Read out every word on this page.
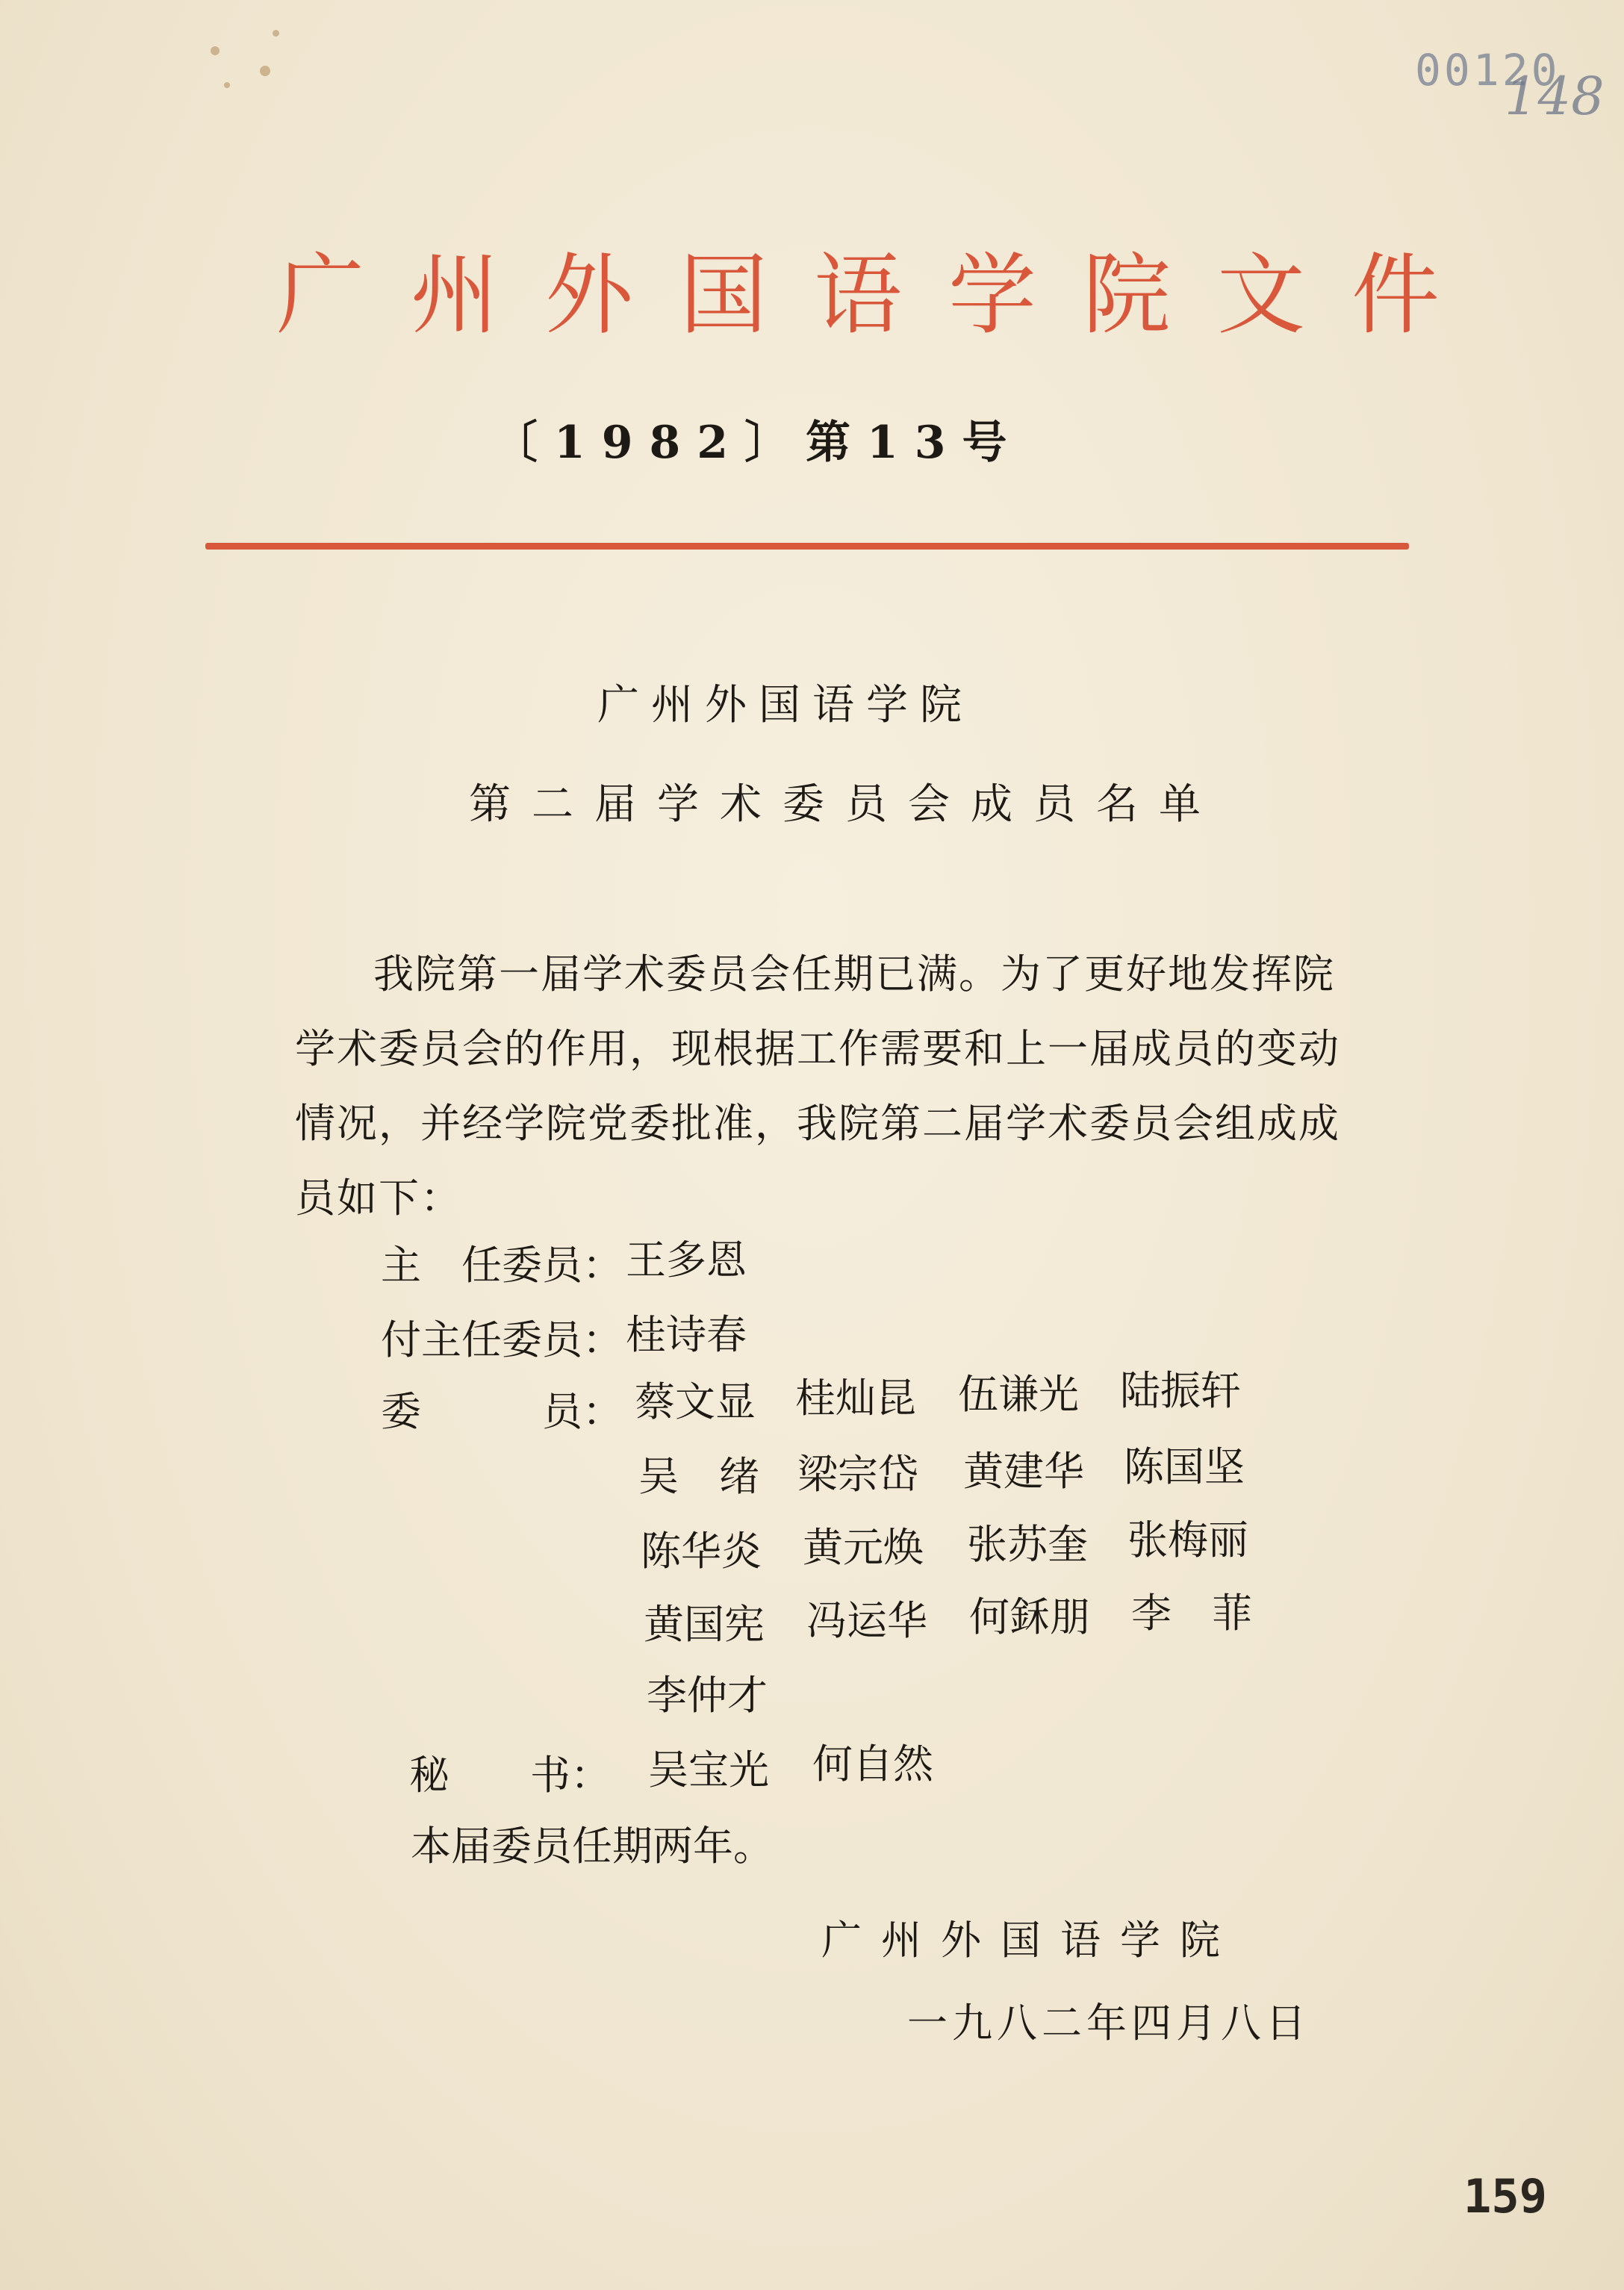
00120
148
广州外国语学院文件
〔1982〕第13号
广州外国语学院
第二届学术委员会成员名单
我院第一届学术委员会任期已满。为了更好地发挥院
学术委员会的作用，现根据工作需要和上一届成员的变动
情况，并经学院党委批准，我院第二届学术委员会组成成
员如下：
主　任委员： 王多恩
付主任委员： 桂诗春
委　　　员： 蔡文显 桂灿昆 伍谦光 陆振轩
吴　绪 梁宗岱 黄建华 陈国坚
陈华炎 黄元焕 张苏奎 张梅丽
黄国宪 冯运华 何鉌朋 李　菲
李仲才
秘　　书： 吴宝光 何自然
本届委员任期两年。
广州外国语学院
一九八二年四月八日
159
